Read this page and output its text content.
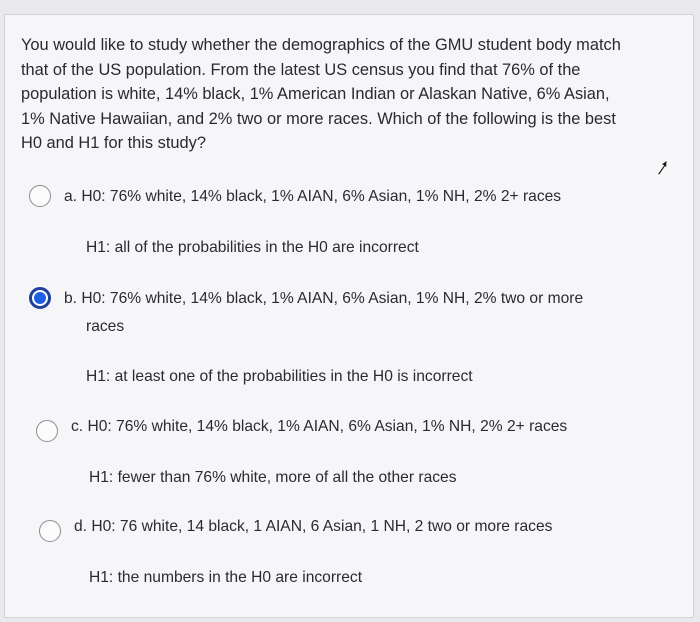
You would like to study whether the demographics of the GMU student body match
that of the US population. From the latest US census you find that 76% of the
population is white, 14% black, 1% American Indian or Alaskan Native, 6% Asian,
1% Native Hawaiian, and 2% two or more races. Which of the following is the best
H0 and H1 for this study?
a. H0: 76% white, 14% black, 1% AIAN, 6% Asian, 1% NH, 2% 2+ races
H1: all of the probabilities in the H0 are incorrect
b. H0: 76% white, 14% black, 1% AIAN, 6% Asian, 1% NH, 2% two or more
races
H1: at least one of the probabilities in the H0 is incorrect
c. H0: 76% white, 14% black, 1% AIAN, 6% Asian, 1% NH, 2% 2+ races
H1: fewer than 76% white, more of all the other races
d. H0: 76 white, 14 black, 1 AIAN, 6 Asian, 1 NH, 2 two or more races
H1: the numbers in the H0 are incorrect
